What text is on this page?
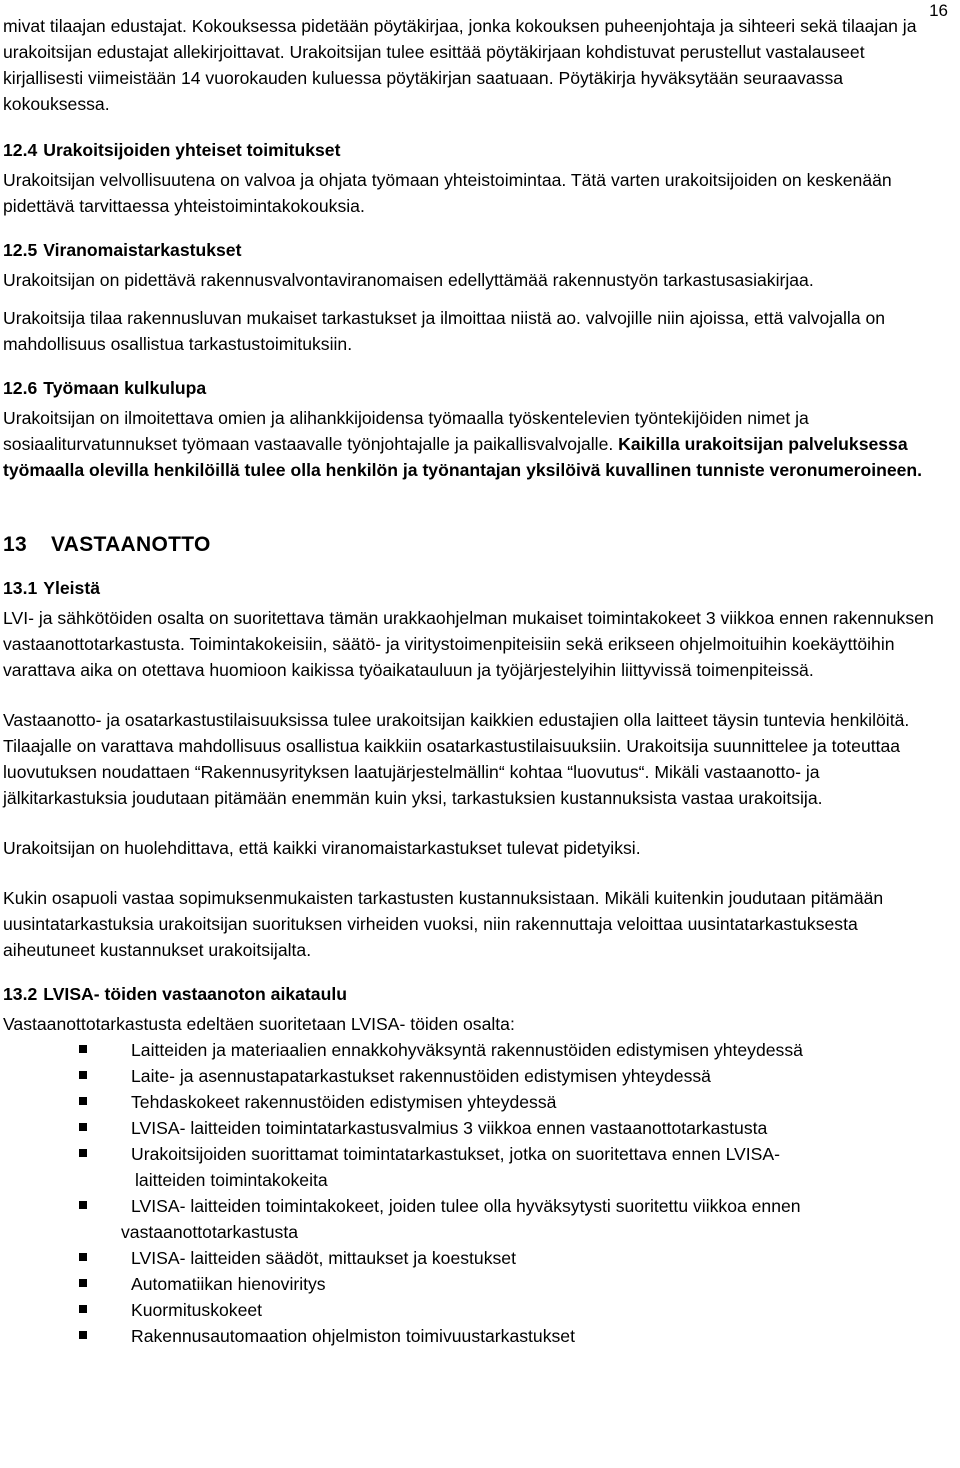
16

mivat tilaajan edustajat. Kokouksessa pidetään pöytäkirjaa, jonka kokouksen puheenjohtaja ja sihteeri sekä tilaajan ja urakoitsijan edustajat allekirjoittavat. Urakoitsijan tulee esittää pöytäkirjaan kohdistuvat perustellut vastalauseet kirjallisesti viimeistään 14 vuorokauden kuluessa pöytäkirjan saatuaan. Pöytäkirja hyväksytään seuraavassa kokouksessa.

12.4 Urakoitsijoiden yhteiset toimitukset

Urakoitsijan velvollisuutena on valvoa ja ohjata työmaan yhteistoimintaa. Tätä varten urakoitsijoiden on keskenään pidettävä tarvittaessa yhteistoimintakokouksia.

12.5 Viranomaistarkastukset

Urakoitsijan on pidettävä rakennusvalvontaviranomaisen edellyttämää rakennustyön tarkastusasiakirjaa.

Urakoitsija tilaa rakennusluvan mukaiset tarkastukset ja ilmoittaa niistä ao. valvojille niin ajoissa, että valvojalla on mahdollisuus osallistua tarkastustoimituksiin.

12.6 Työmaan kulkulupa

Urakoitsijan on ilmoitettava omien ja alihankkijoidensa työmaalla työskentelevien työntekijöiden nimet ja sosiaaliturvatunnukset työmaan vastaavalle työnjohtajalle ja paikallisvalvojalle. Kaikilla urakoitsijan palveluksessa työmaalla olevilla henkilöillä tulee olla henkilön ja työnantajan yksilöivä kuvallinen tunniste veronumeroineen.

13 VASTAANOTTO

13.1 Yleistä

LVI- ja sähkötöiden osalta on suoritettava tämän urakkaohjelman mukaiset toimintakokeet 3 viikkoa ennen rakennuksen vastaanottotarkastusta. Toimintakokeisiin, säätö- ja viritystoimenpiteisiin sekä erikseen ohjelmoituihin koekäyttöihin varattava aika on otettava huomioon kaikissa työaikatauluun ja työjärjestelyihin liittyvissä toimenpiteissä.

Vastaanotto- ja osatarkastustilaisuuksissa tulee urakoitsijan kaikkien edustajien olla laitteet täysin tuntevia henkilöitä. Tilaajalle on varattava mahdollisuus osallistua kaikkiin osatarkastustilaisuuksiin. Urakoitsija suunnittelee ja toteuttaa luovutuksen noudattaen “Rakennusyrityksen laatujärjestelmällin“ kohtaa “luovutus“. Mikäli vastaanotto- ja jälkitarkastuksia joudutaan pitämään enemmän kuin yksi, tarkastuksien kustannuksista vastaa urakoitsija.

Urakoitsijan on huolehdittava, että kaikki viranomaistarkastukset tulevat pidetyiksi.

Kukin osapuoli vastaa sopimuksenmukaisten tarkastusten kustannuksistaan. Mikäli kuitenkin joudutaan pitämään uusintatarkastuksia urakoitsijan suorituksen virheiden vuoksi, niin rakennuttaja veloittaa uusintatarkastuksesta aiheutuneet kustannukset urakoitsijalta.

13.2 LVISA- töiden vastaanoton aikataulu

Vastaanottotarkastusta edeltäen suoritetaan LVISA- töiden osalta:

Laitteiden ja materiaalien ennakkohyväksyntä rakennustöiden edistymisen yhteydessä
Laite- ja asennustapatarkastukset rakennustöiden edistymisen yhteydessä
Tehdaskokeet rakennustöiden edistymisen yhteydessä
LVISA- laitteiden toimintatarkastusvalmius 3 viikkoa ennen vastaanottotarkastusta
Urakoitsijoiden suorittamat toimintatarkastukset, jotka on suoritettava ennen LVISA-
laitteiden toimintakokeita
LVISA- laitteiden toimintakokeet, joiden tulee olla hyväksytysti suoritettu viikkoa ennen
vastaanottotarkastusta
LVISA- laitteiden säädöt, mittaukset ja koestukset
Automatiikan hienoviritys
Kuormituskokeet
Rakennusautomaation ohjelmiston toimivuustarkastukset
